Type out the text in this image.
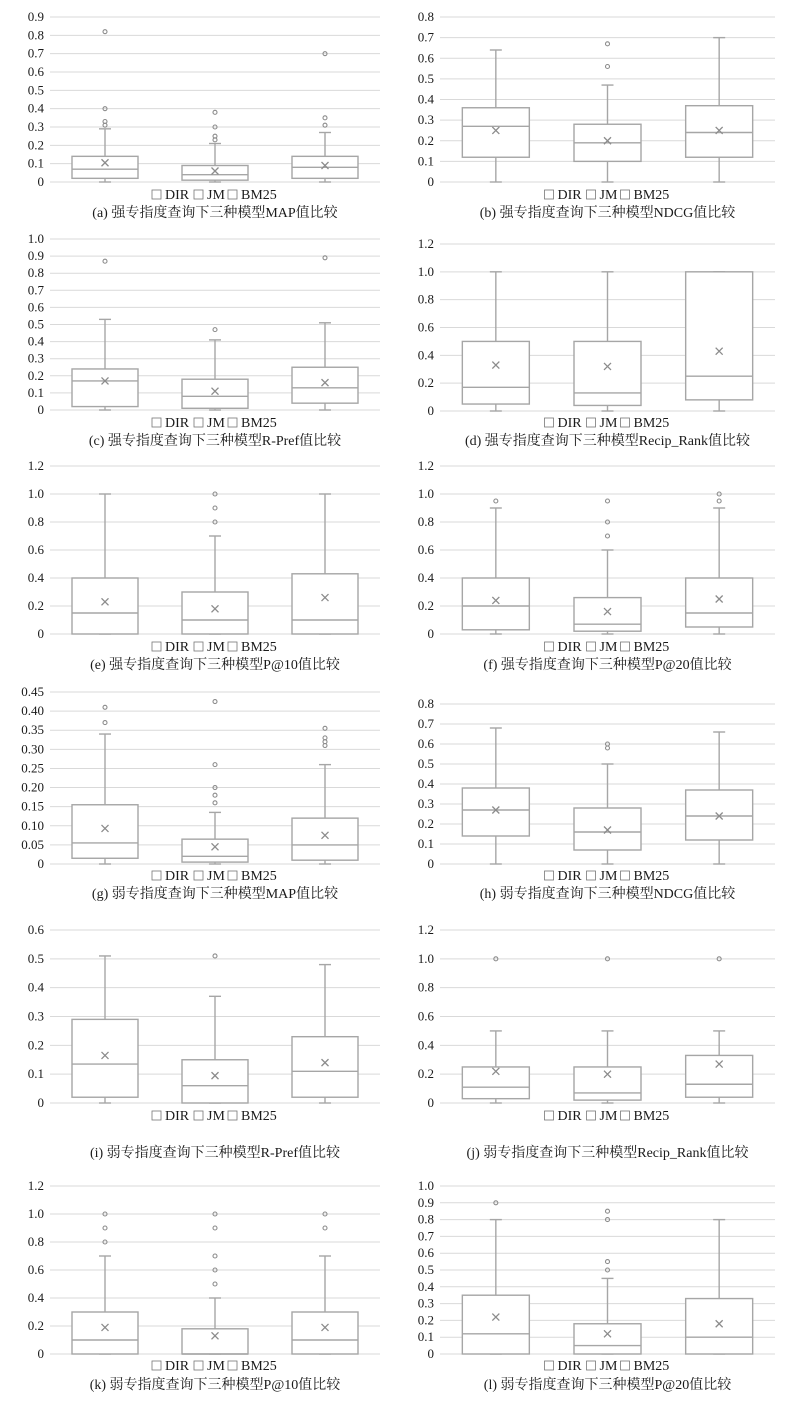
0
0.1
0.2
0.3
0.4
0.5
0.6
0.7
0.8
0.9
DIR JM BM25
(a) 强专指度查询下三种模型MAP值比较
0
0.1
0.2
0.3
0.4
0.5
0.6
0.7
0.8
DIR JM BM25
(b) 强专指度查询下三种模型NDCG值比较
0
0.1
0.2
0.3
0.4
0.5
0.6
0.7
0.8
0.9
1.0
DIR JM BM25
(c) 强专指度查询下三种模型R-Pref值比较
0
0.2
0.4
0.6
0.8
1.0
1.2
DIR JM BM25
(d) 强专指度查询下三种模型Recip_Rank值比较
0
0.2
0.4
0.6
0.8
1.0
1.2
DIR JM BM25
(e) 强专指度查询下三种模型P@10值比较
0
0.2
0.4
0.6
0.8
1.0
1.2
DIR JM BM25
(f) 强专指度查询下三种模型P@20值比较
0
0.05
0.10
0.15
0.20
0.25
0.30
0.35
0.40
0.45
DIR JM BM25
(g) 弱专指度查询下三种模型MAP值比较
0
0.1
0.2
0.3
0.4
0.5
0.6
0.7
0.8
DIR JM BM25
(h) 弱专指度查询下三种模型NDCG值比较
0
0.1
0.2
0.3
0.4
0.5
0.6
DIR JM BM25
(i) 弱专指度查询下三种模型R-Pref值比较
0
0.2
0.4
0.6
0.8
1.0
1.2
DIR JM BM25
(j) 弱专指度查询下三种模型Recip_Rank值比较
0
0.2
0.4
0.6
0.8
1.0
1.2
DIR JM BM25
(k) 弱专指度查询下三种模型P@10值比较
0
0.1
0.2
0.3
0.4
0.5
0.6
0.7
0.8
0.9
1.0
DIR JM BM25
(l) 弱专指度查询下三种模型P@20值比较
